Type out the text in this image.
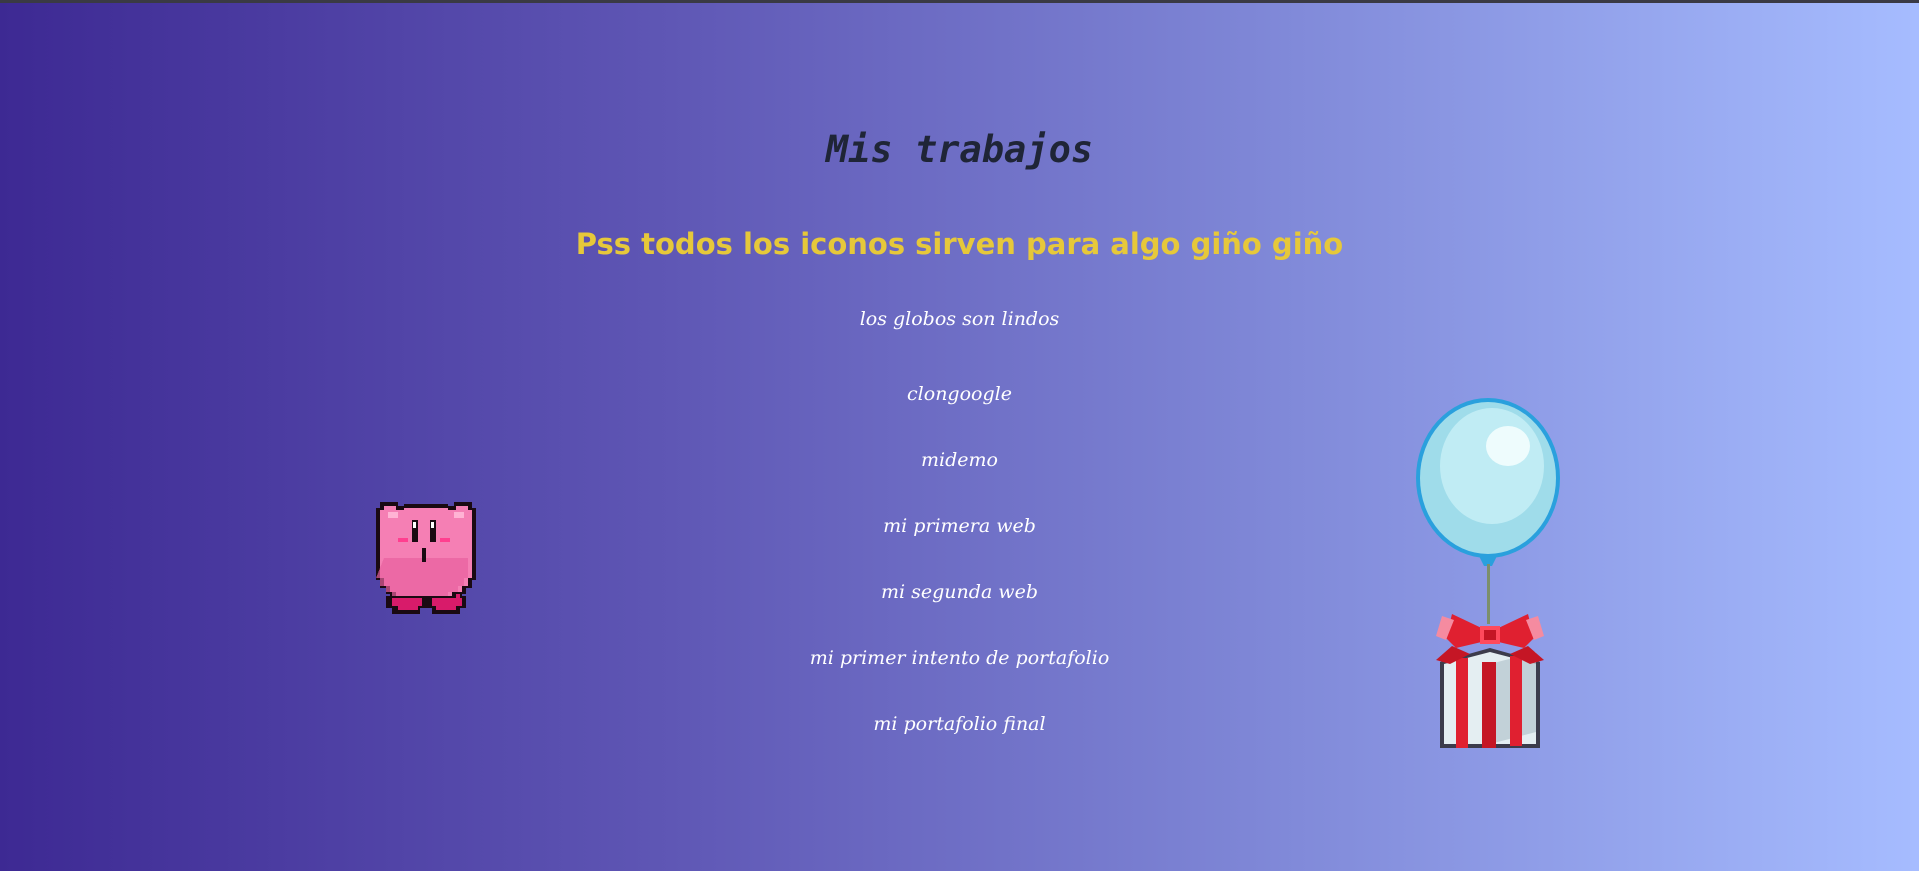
Mis trabajos
Pss todos los iconos sirven para algo giño giño
los globos son lindos
clongoogle
midemo
mi primera web
mi segunda web
mi primer intento de portafolio
mi portafolio final
